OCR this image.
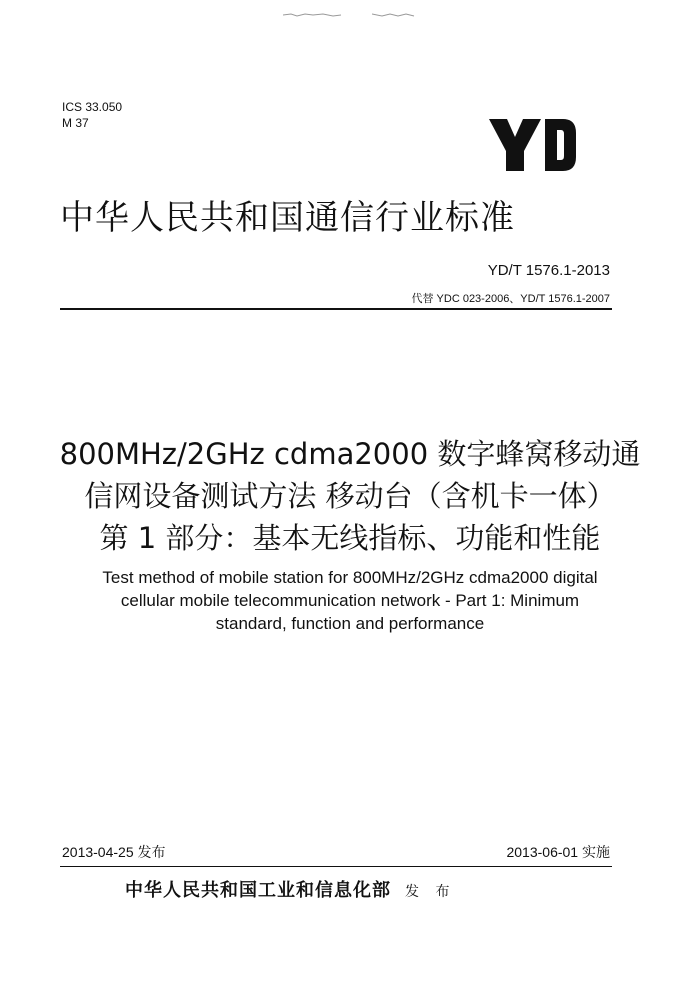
ICS 33.050
M 37	YD
中华人民共和国通信行业标准
YD/T 1576.1-2013
代替 YDC 023-2006、YD/T 1576.1-2007
800MHz/2GHz cdma2000 数字蜂窝移动通
信网设备测试方法 移动台（含机卡一体）
第 1 部分：基本无线指标、功能和性能
Test method of mobile station for 800MHz/2GHz cdma2000 digital
cellular mobile telecommunication network - Part 1: Minimum
standard, function and performance
2013-04-25 发布	2013-06-01 实施
中华人民共和国工业和信息化部 发 布
